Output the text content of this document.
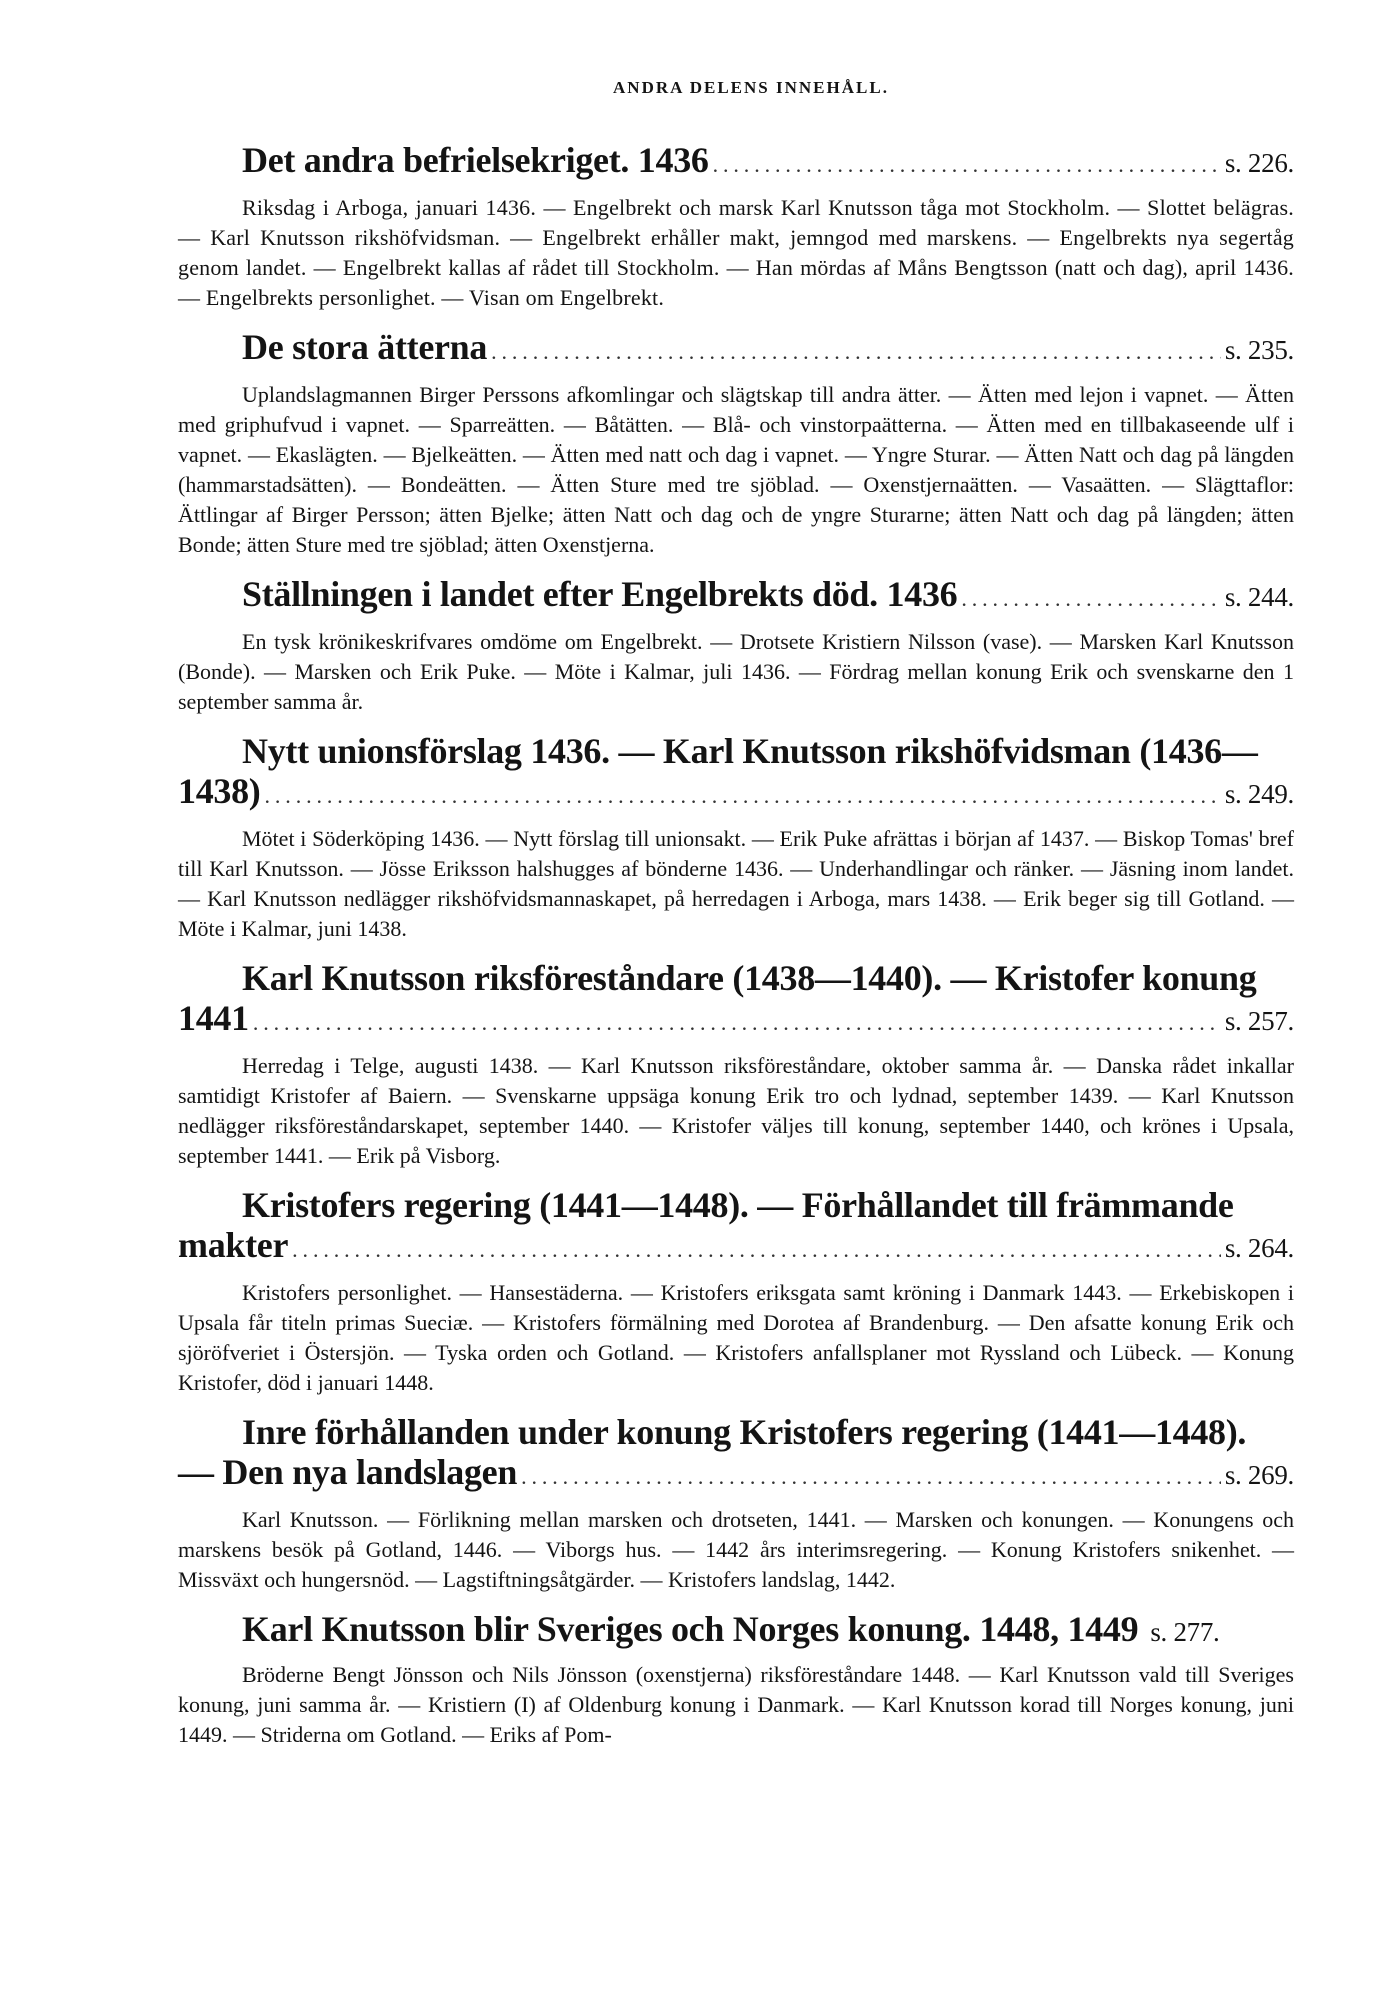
ANDRA DELENS INNEHÅLL.
Det andra befrielsekriget. 1436 . . .	s. 226.

Riksdag i Arboga, januari 1436. — Engelbrekt och marsk Karl Knutsson tåga mot Stockholm. — Slottet belägras. — Karl Knutsson rikshöfvidsman. — Engelbrekt erhåller makt, jemngod med marskens. — Engelbrekts nya segertåg genom landet. — Engelbrekt kallas af rådet till Stockholm. — Han mördas af Måns Bengtsson (natt och dag), april 1436. — Engelbrekts personlighet. — Visan om Engelbrekt.

De stora ätterna . . .	s. 235.

Uplandslagmannen Birger Perssons afkomlingar och slägtskap till andra ätter. — Ätten med lejon i vapnet. — Ätten med griphufvud i vapnet. — Sparreätten. — Båtätten. — Blå- och vinstorpaätterna. — Ätten med en tillbakaseende ulf i vapnet. — Ekaslägten. — Bjelkeätten. — Ätten med natt och dag i vapnet. — Yngre Sturar. — Ätten Natt och dag på längden (hammarstadsätten). — Bondeätten. — Ätten Sture med tre sjöblad. — Oxenstjernaätten. — Vasaätten. — Slägttaflor: Ättlingar af Birger Persson; ätten Bjelke; ätten Natt och dag och de yngre Sturarne; ätten Natt och dag på längden; ätten Bonde; ätten Sture med tre sjöblad; ätten Oxenstjerna.

Ställningen i landet efter Engelbrekts död. 1436 . . .	s. 244.

En tysk krönikeskrifvares omdöme om Engelbrekt. — Drotsete Kristiern Nilsson (vase). — Marsken Karl Knutsson (Bonde). — Marsken och Erik Puke. — Möte i Kalmar, juli 1436. — Fördrag mellan konung Erik och svenskarne den 1 september samma år.

Nytt unionsförslag 1436. — Karl Knutsson rikshöfvidsman (1436—
1438) . . .	s. 249.

Mötet i Söderköping 1436. — Nytt förslag till unionsakt. — Erik Puke afrättas i början af 1437. — Biskop Tomas' bref till Karl Knutsson. — Jösse Eriksson halshugges af bönderne 1436. — Underhandlingar och ränker. — Jäsning inom landet. — Karl Knutsson nedlägger rikshöfvidsmannaskapet, på herredagen i Arboga, mars 1438. — Erik beger sig till Gotland. — Möte i Kalmar, juni 1438.

Karl Knutsson riksföreståndare (1438—1440). — Kristofer konung
1441 . . .	s. 257.

Herredag i Telge, augusti 1438. — Karl Knutsson riksföreståndare, oktober samma år. — Danska rådet inkallar samtidigt Kristofer af Baiern. — Svenskarne uppsäga konung Erik tro och lydnad, september 1439. — Karl Knutsson nedlägger riksföreståndarskapet, september 1440. — Kristofer väljes till konung, september 1440, och krönes i Upsala, september 1441. — Erik på Visborg.

Kristofers regering (1441—1448). — Förhållandet till främmande
makter . . .	s. 264.

Kristofers personlighet. — Hansestäderna. — Kristofers eriksgata samt kröning i Danmark 1443. — Erkebiskopen i Upsala får titeln primas Sueciæ. — Kristofers förmälning med Dorotea af Brandenburg. — Den afsatte konung Erik och sjöröfveriet i Östersjön. — Tyska orden och Gotland. — Kristofers anfallsplaner mot Ryssland och Lübeck. — Konung Kristofer, död i januari 1448.

Inre förhållanden under konung Kristofers regering (1441—1448).
— Den nya landslagen . . .	s. 269.

Karl Knutsson. — Förlikning mellan marsken och drotseten, 1441. — Marsken och konungen. — Konungens och marskens besök på Gotland, 1446. — Viborgs hus. — 1442 års interimsregering. — Konung Kristofers snikenhet. — Missväxt och hungersnöd. — Lagstiftningsåtgärder. — Kristofers landslag, 1442.

Karl Knutsson blir Sveriges och Norges konung. 1448, 1449 s. 277.

Bröderne Bengt Jönsson och Nils Jönsson (oxenstjerna) riksföreståndare 1448. — Karl Knutsson vald till Sveriges konung, juni samma år. — Kristiern (I) af Oldenburg konung i Danmark. — Karl Knutsson korad till Norges konung, juni 1449. — Striderna om Gotland. — Eriks af Pom-
